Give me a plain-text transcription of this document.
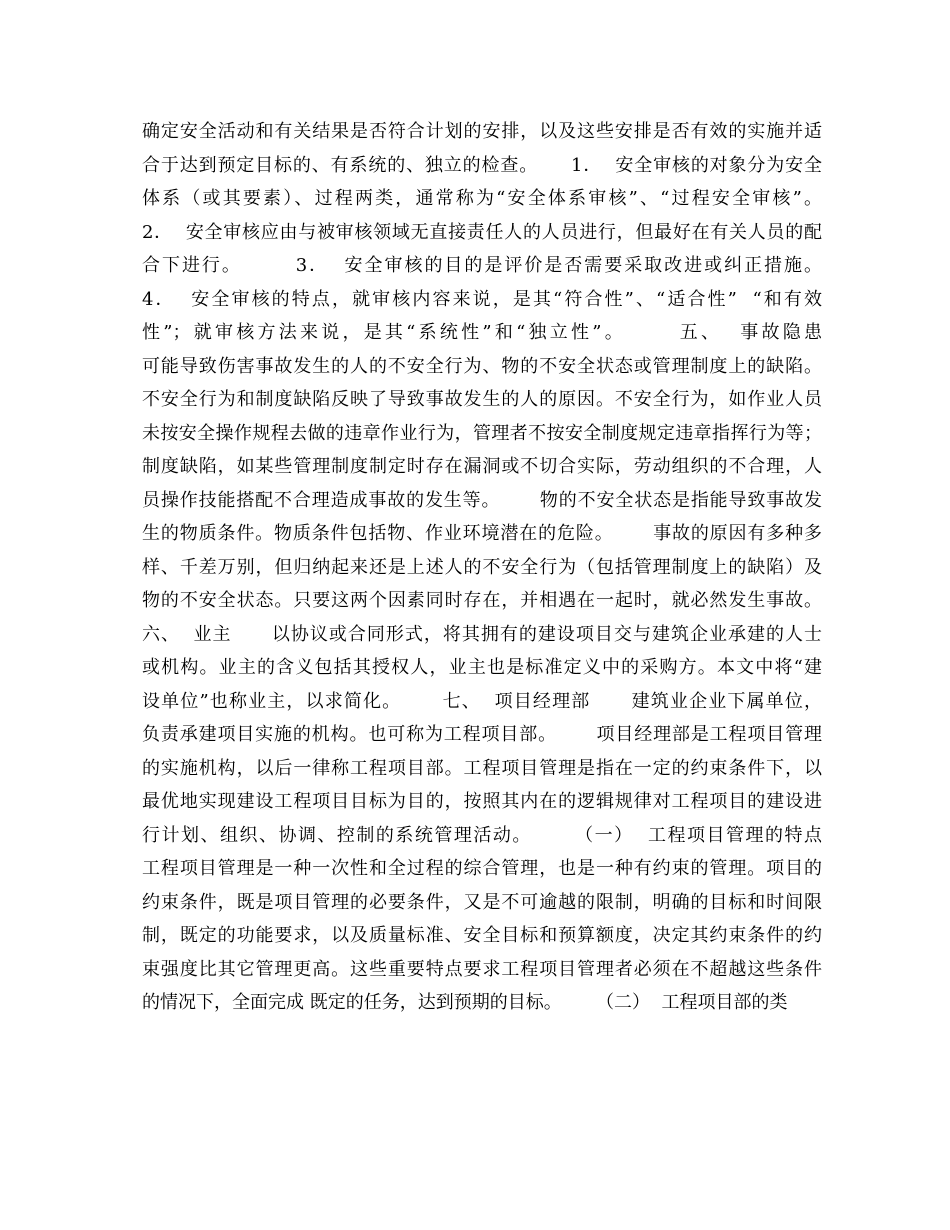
确定安全活动和有关结果是否符合计划的安排，以及这些安排是否有效的实施并适
合于达到预定目标的、有系统的、独立的检查。     1．  安全审核的对象分为安全
体系（或其要素）、过程两类，通常称为“安全体系审核”、“过程安全审核”。
2．  安全审核应由与被审核领域无直接责任人的人员进行，但最好在有关人员的配
合下进行。       3．  安全审核的目的是评价是否需要采取改进或纠正措施。
4．  安全审核的特点，就审核内容来说，是其“符合性”、“适合性”  “和有效
性”；就审核方法来说，是其“系统性”和“独立性”。      五、  事故隐患
可能导致伤害事故发生的人的不安全行为、物的不安全状态或管理制度上的缺陷。
不安全行为和制度缺陷反映了导致事故发生的人的原因。不安全行为，如作业人员
未按安全操作规程去做的违章作业行为，管理者不按安全制度规定违章指挥行为等；
制度缺陷，如某些管理制度制定时存在漏洞或不切合实际，劳动组织的不合理，人
员操作技能搭配不合理造成事故的发生等。      物的不安全状态是指能导致事故发
生的物质条件。物质条件包括物、作业环境潜在的危险。      事故的原因有多种多
样、千差万别，但归纳起来还是上述人的不安全行为（包括管理制度上的缺陷）及
物的不安全状态。只要这两个因素同时存在，并相遇在一起时，就必然发生事故。
六、  业主      以协议或合同形式，将其拥有的建设项目交与建筑企业承建的人士
或机构。业主的含义包括其授权人，业主也是标准定义中的采购方。本文中将“建
设单位”也称业主，以求简化。      七、  项目经理部      建筑业企业下属单位，
负责承建项目实施的机构。也可称为工程项目部。      项目经理部是工程项目管理
的实施机构，以后一律称工程项目部。工程项目管理是指在一定的约束条件下，以
最优地实现建设工程项目目标为目的，按照其内在的逻辑规律对工程项目的建设进
行计划、组织、协调、控制的系统管理活动。      （一）  工程项目管理的特点
工程项目管理是一种一次性和全过程的综合管理，也是一种有约束的管理。项目的
约束条件，既是项目管理的必要条件，又是不可逾越的限制，明确的目标和时间限
制，既定的功能要求，以及质量标准、安全目标和预算额度，决定其约束条件的约
束强度比其它管理更高。这些重要特点要求工程项目管理者必须在不超越这些条件
的情况下，全面完成 既定的任务，达到预期的目标。      （二）  工程项目部的类
